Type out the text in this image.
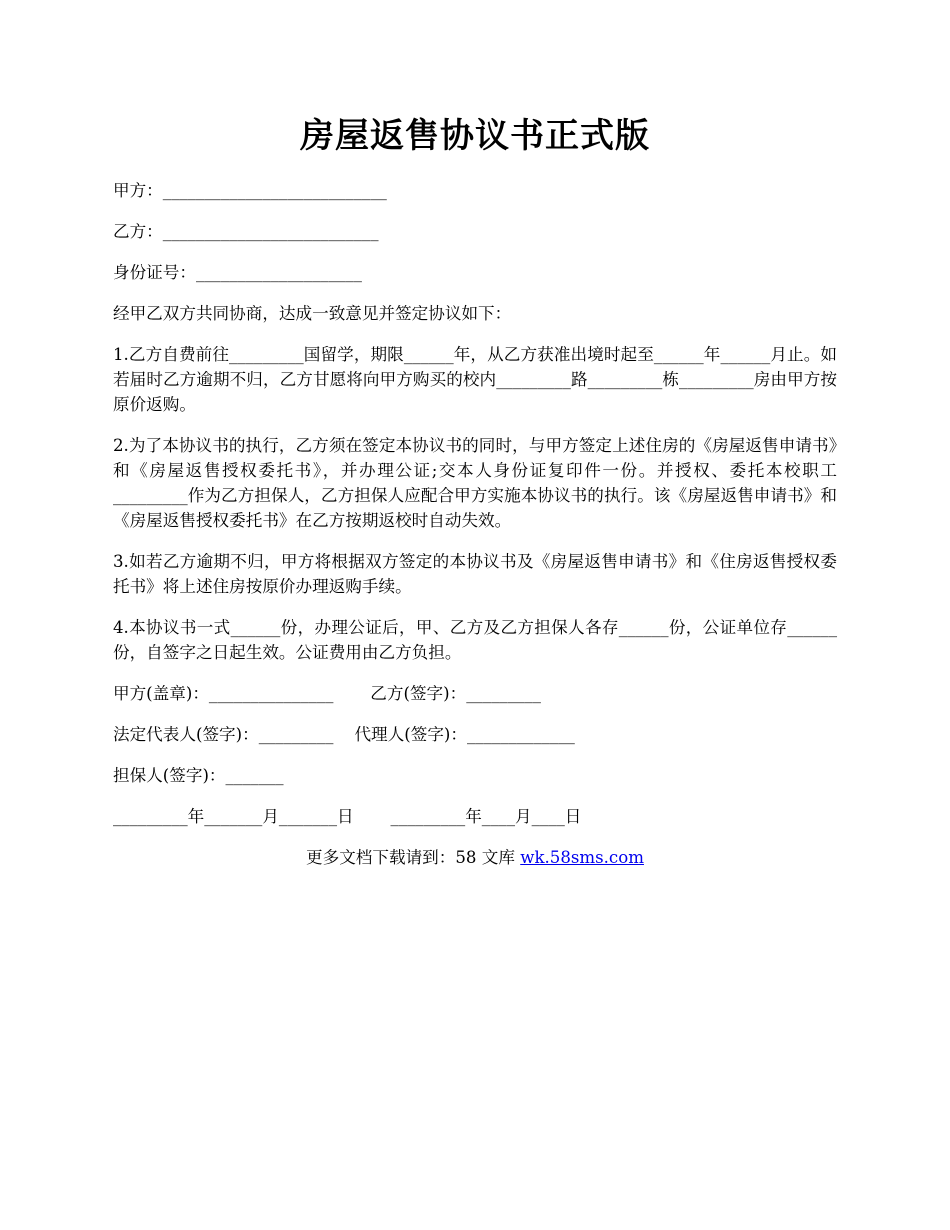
房屋返售协议书正式版

甲方：___________________________

乙方：__________________________

身份证号：____________________

经甲乙双方共同协商，达成一致意见并签定协议如下：

1.乙方自费前往_________国留学，期限______年，从乙方获准出境时起至______年______月止。如若届时乙方逾期不归，乙方甘愿将向甲方购买的校内_________路_________栋_________房由甲方按原价返购。

2.为了本协议书的执行，乙方须在签定本协议书的同时，与甲方签定上述住房的《房屋返售申请书》和《房屋返售授权委托书》，并办理公证;交本人身份证复印件一份。并授权、委托本校职工_________作为乙方担保人，乙方担保人应配合甲方实施本协议书的执行。该《房屋返售申请书》和《房屋返售授权委托书》在乙方按期返校时自动失效。

3.如若乙方逾期不归，甲方将根据双方签定的本协议书及《房屋返售申请书》和《住房返售授权委托书》将上述住房按原价办理返购手续。

4.本协议书一式______份，办理公证后，甲、乙方及乙方担保人各存______份，公证单位存______份，自签字之日起生效。公证费用由乙方负担。

甲方(盖章)：_______________       乙方(签字)：_________

法定代表人(签字)：_________    代理人(签字)：_____________

担保人(签字)：_______

_________年_______月_______日       _________年____月____日

更多文档下载请到：58 文库 wk.58sms.com
